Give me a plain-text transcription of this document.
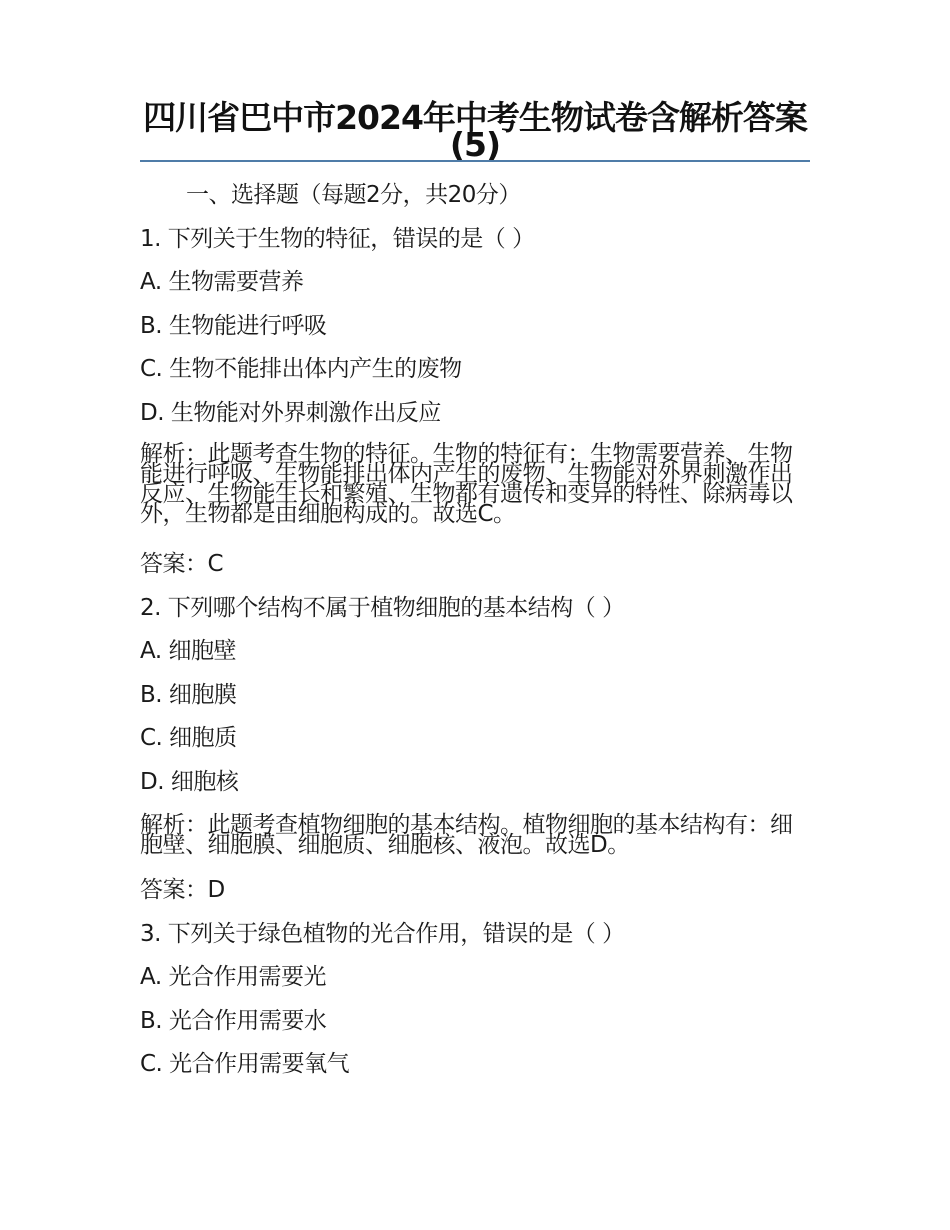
四川省巴中市2024年中考生物试卷含解析答案(5)
一、选择题（每题2分，共20分）
1. 下列关于生物的特征，错误的是（ ）
A. 生物需要营养
B. 生物能进行呼吸
C. 生物不能排出体内产生的废物
D. 生物能对外界刺激作出反应
解析：此题考查生物的特征。生物的特征有：生物需要营养、生物能进行呼吸、生物能排出体内产生的废物、生物能对外界刺激作出反应、生物能生长和繁殖、生物都有遗传和变异的特性、除病毒以外，生物都是由细胞构成的。故选C。
答案：C
2. 下列哪个结构不属于植物细胞的基本结构（ ）
A. 细胞壁
B. 细胞膜
C. 细胞质
D. 细胞核
解析：此题考查植物细胞的基本结构。植物细胞的基本结构有：细胞壁、细胞膜、细胞质、细胞核、液泡。故选D。
答案：D
3. 下列关于绿色植物的光合作用，错误的是（ ）
A. 光合作用需要光
B. 光合作用需要水
C. 光合作用需要氧气
